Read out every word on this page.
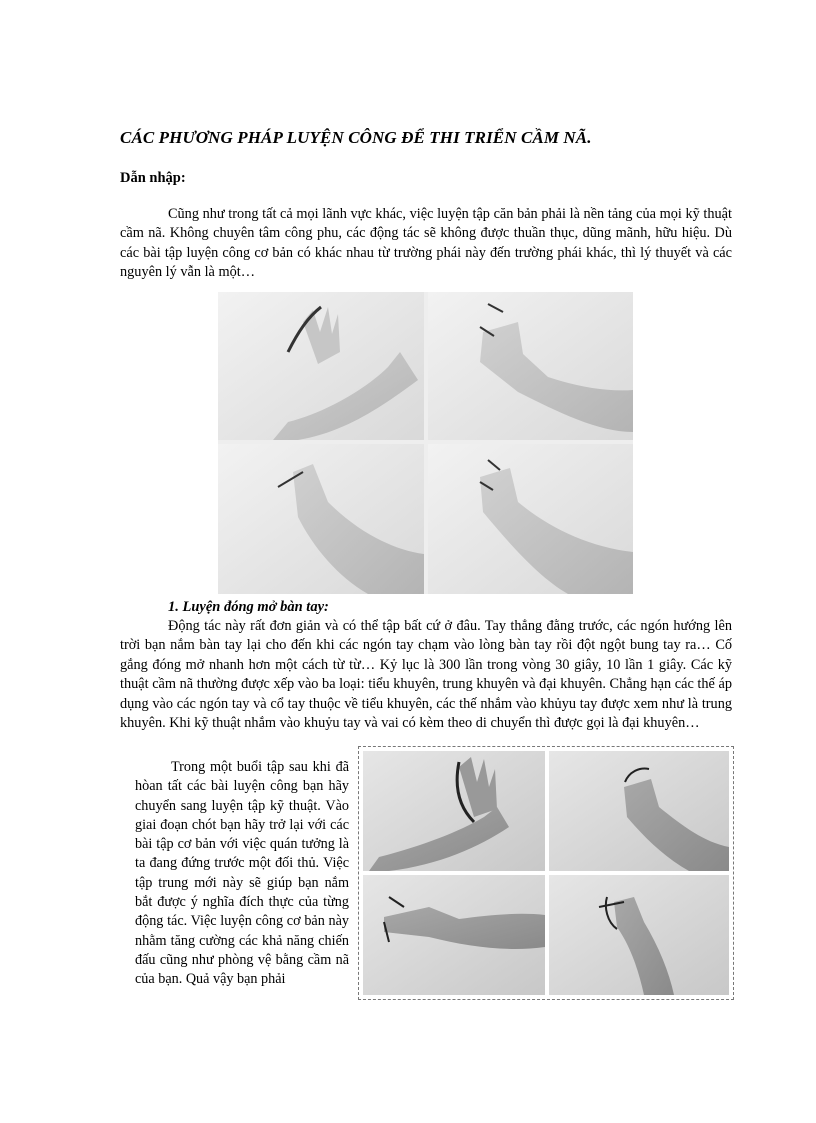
CÁC PHƯƠNG PHÁP LUYỆN CÔNG ĐỂ THI TRIỂN CẦM NÃ.
Dẫn nhập:

Cũng như trong tất cả mọi lãnh vực khác, việc luyện tập căn bản phải là nền tảng của mọi kỹ thuật cầm nã. Không chuyên tâm công phu, các động tác sẽ không được thuần thục, dũng mãnh, hữu hiệu. Dù các bài tập luyện công cơ bản có khác nhau từ trường phái này đến trường phái khác, thì lý thuyết và các nguyên lý vẫn là một…

1. Luyện đóng mở bàn tay:

Động tác này rất đơn giản và có thể tập bất cứ ở đâu. Tay thẳng đằng trước, các ngón hướng lên trời bạn nắm bàn tay lại cho đến khi các ngón tay chạm vào lòng bàn tay rồi đột ngột bung tay ra… Cố gắng đóng mở nhanh hơn một cách từ từ… Kỷ lục là 300 lần trong vòng 30 giây, 10 lần 1 giây. Các kỹ thuật cầm nã thường được xếp vào ba loại: tiểu khuyên, trung khuyên và đại khuyên. Chẳng hạn các thế áp dụng vào các ngón tay và cổ tay thuộc về tiểu khuyên, các thế nhắm vào khủyu tay được xem như là trung khuyên. Khi kỹ thuật nhắm vào khuỷu tay và vai có kèm theo di chuyển thì được gọi là đại khuyên…

Trong một buổi tập sau khi đã hòan tất các bài luyện công bạn hãy chuyển sang luyện tập kỹ thuật. Vào giai đoạn chót bạn hãy trở lại với các bài tập cơ bản với việc quán tưởng là ta đang đứng trước một đối thủ. Việc tập trung mới này sẽ giúp bạn nắm bắt được ý nghĩa đích thực của từng động tác. Việc luyện công cơ bản này nhằm tăng cường các khả năng chiến đấu cũng như phòng vệ bằng cầm nã của bạn. Quả vậy bạn phải
